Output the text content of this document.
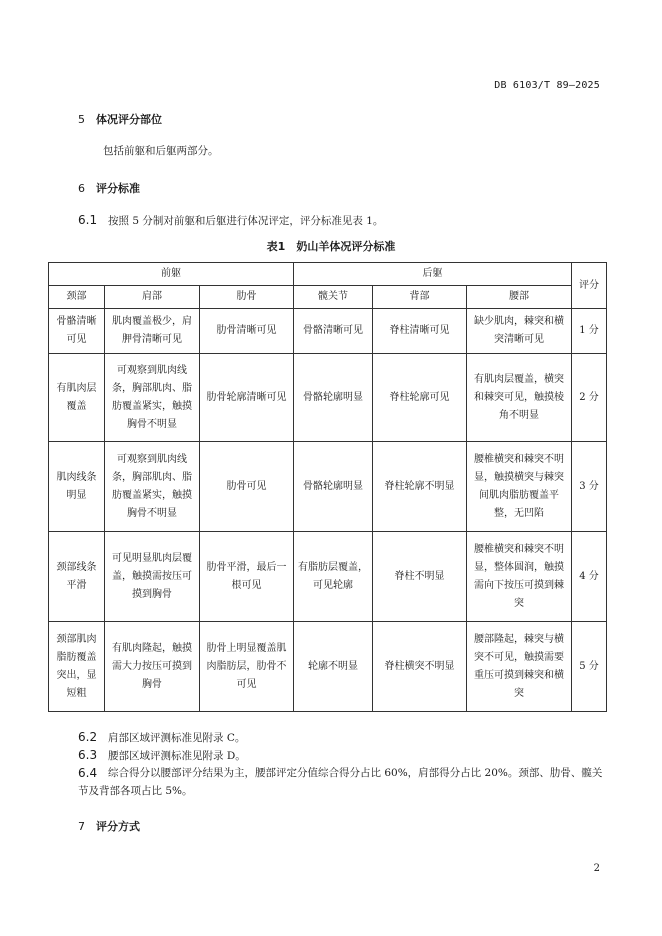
DB 6103/T 89—2025
5 体况评分部位
包括前躯和后躯两部分。
6 评分标准
6.1 按照 5 分制对前躯和后躯进行体况评定，评分标准见表 1。
表1　奶山羊体况评分标准
前躯			后躯			评分
颈部	肩部	肋骨	髋关节	背部	腰部	
骨骼清晰可见	肌肉覆盖极少，肩胛骨清晰可见	肋骨清晰可见	骨骼清晰可见	脊柱清晰可见	缺少肌肉，棘突和横突清晰可见	1 分
有肌肉层覆盖	可观察到肌肉线条，胸部肌肉、脂肪覆盖紧实，触摸胸骨不明显	肋骨轮廓清晰可见	骨骼轮廓明显	脊柱轮廓可见	有肌肉层覆盖，横突和棘突可见，触摸棱角不明显	2 分
肌肉线条明显	可观察到肌肉线条，胸部肌肉、脂肪覆盖紧实，触摸胸骨不明显	肋骨可见	骨骼轮廓明显	脊柱轮廓不明显	腰椎横突和棘突不明显，触摸横突与棘突间肌肉脂肪覆盖平整，无凹陷	3 分
颈部线条平滑	可见明显肌肉层覆盖，触摸需按压可摸到胸骨	肋骨平滑，最后一根可见	有脂肪层覆盖，可见轮廓	脊柱不明显	腰椎横突和棘突不明显，整体圆润，触摸需向下按压可摸到棘突	4 分
颈部肌肉脂肪覆盖突出，显短粗	有肌肉隆起，触摸需大力按压可摸到胸骨	肋骨上明显覆盖肌肉脂肪层，肋骨不可见	轮廓不明显	脊柱横突不明显	腰部隆起，棘突与横突不可见，触摸需要重压可摸到棘突和横突	5 分
6.2 肩部区域评测标准见附录 C。
6.3 腰部区域评测标准见附录 D。
6.4	综合得分以腰部评分结果为主，腰部评定分值综合得分占比 60%，肩部得分占比 20%。颈部、肋骨、髋关节及背部各项占比 5%。
7 评分方式
2
